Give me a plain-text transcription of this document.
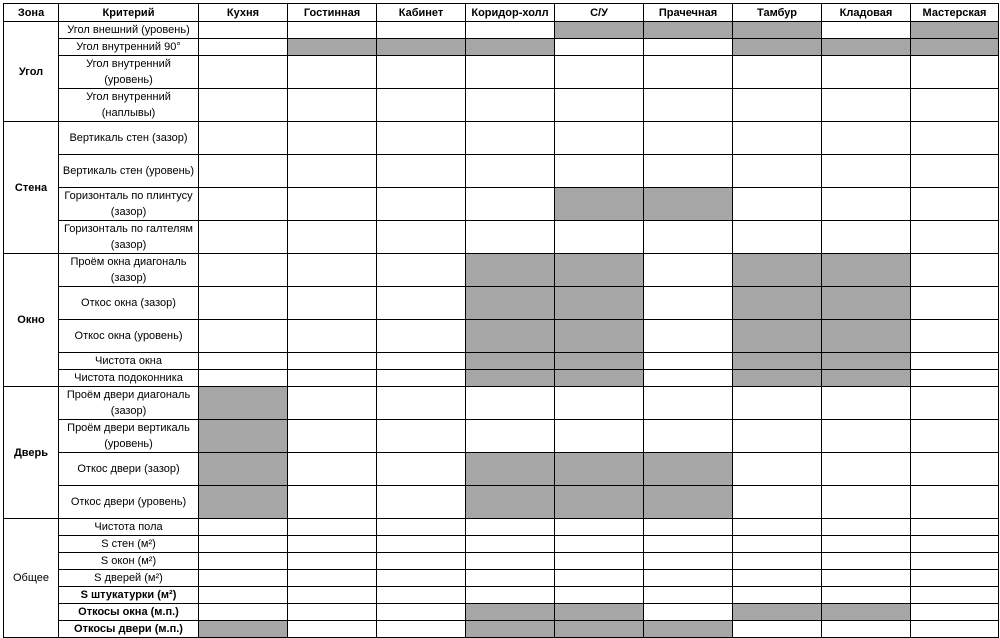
Зона	Критерий	Кухня	Гостинная	Кабинет	Коридор-холл	С/У	Прачечная	Тамбур	Кладовая	Мастерская
Угол	Угол внешний (уровень)									
	Угол внутренний 90°									
	Угол внутренний (уровень)									
	Угол внутренний (наплывы)									
Стена	Вертикаль стен (зазор)									
	Вертикаль стен (уровень)									
	Горизонталь по плинтусу (зазор)									
	Горизонталь по галтелям (зазор)									
Окно	Проём окна диагональ (зазор)									
	Откос окна (зазор)									
	Откос окна (уровень)									
	Чистота окна									
	Чистота подоконника									
Дверь	Проём двери диагональ (зазор)									
	Проём двери вертикаль (уровень)									
	Откос двери (зазор)									
	Откос двери (уровень)									
Общее	Чистота пола									
	S стен (м²)									
	S окон (м²)									
	S дверей (м²)									
	S штукатурки (м²)									
	Откосы окна (м.п.)									
	Откосы двери (м.п.)									
